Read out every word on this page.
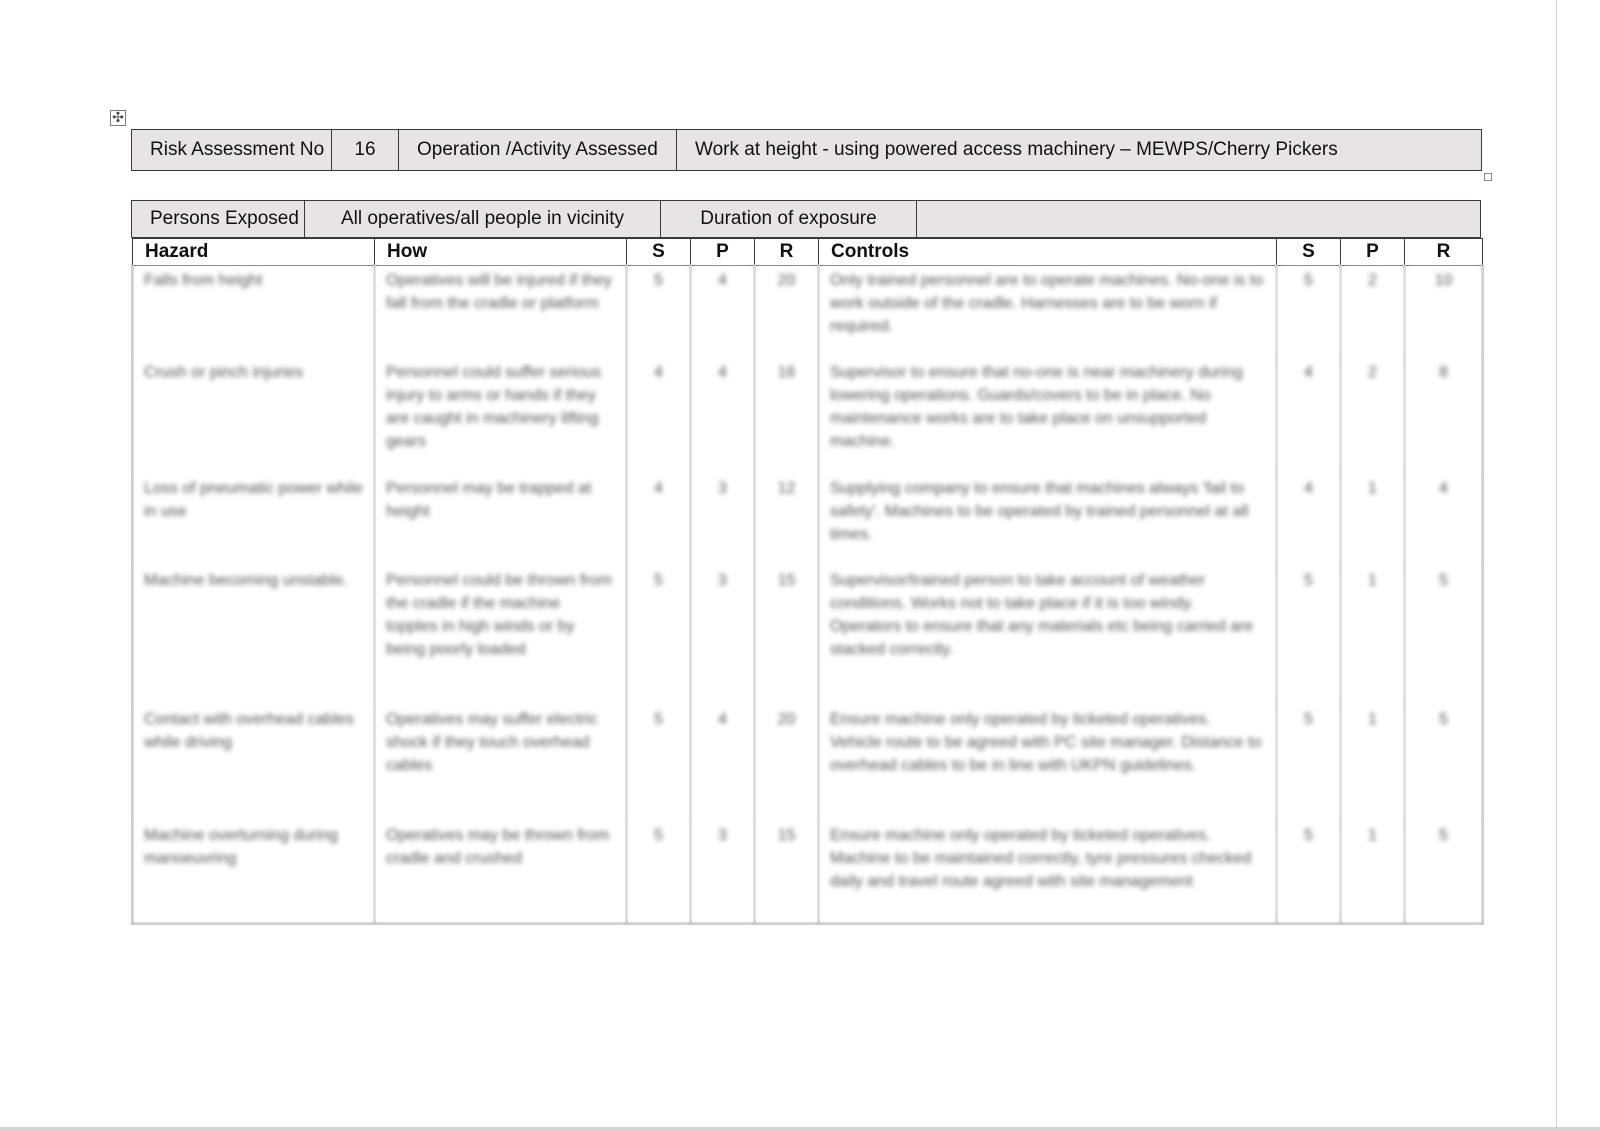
✣
Risk Assessment No	16	Operation /Activity Assessed	Work at height - using powered access machinery – MEWPS/Cherry Pickers
Persons Exposed	All operatives/all people in vicinity	Duration of exposure	
Hazard	How	S	P	R	Controls	S	P	R
Falls from height	Operatives will be injured if they fall from the cradle or platform	5	4	20	Only trained personnel are to operate machines. No-one is to work outside of the cradle. Harnesses are to be worn if required.	5	2	10
Crush or pinch injuries	Personnel could suffer serious injury to arms or hands if they are caught in machinery lifting gears	4	4	16	Supervisor to ensure that no-one is near machinery during lowering operations. Guards/covers to be in place. No maintenance works are to take place on unsupported machine.	4	2	8
Loss of pneumatic power while in use	Personnel may be trapped at height	4	3	12	Supplying company to ensure that machines always 'fail to safety'. Machines to be operated by trained personnel at all times.	4	1	4
Machine becoming unstable.	Personnel could be thrown from the cradle if the machine topples in high winds or by being poorly loaded	5	3	15	Supervisor/trained person to take account of weather conditions. Works not to take place if it is too windy. Operators to ensure that any materials etc being carried are stacked correctly.	5	1	5
Contact with overhead cables while driving	Operatives may suffer electric shock if they touch overhead cables	5	4	20	Ensure machine only operated by ticketed operatives. Vehicle route to be agreed with PC site manager. Distance to overhead cables to be in line with UKPN guidelines.	5	1	5
Machine overturning during manoeuvring	Operatives may be thrown from cradle and crushed	5	3	15	Ensure machine only operated by ticketed operatives. Machine to be maintained correctly, tyre pressures checked daily and travel route agreed with site management	5	1	5
